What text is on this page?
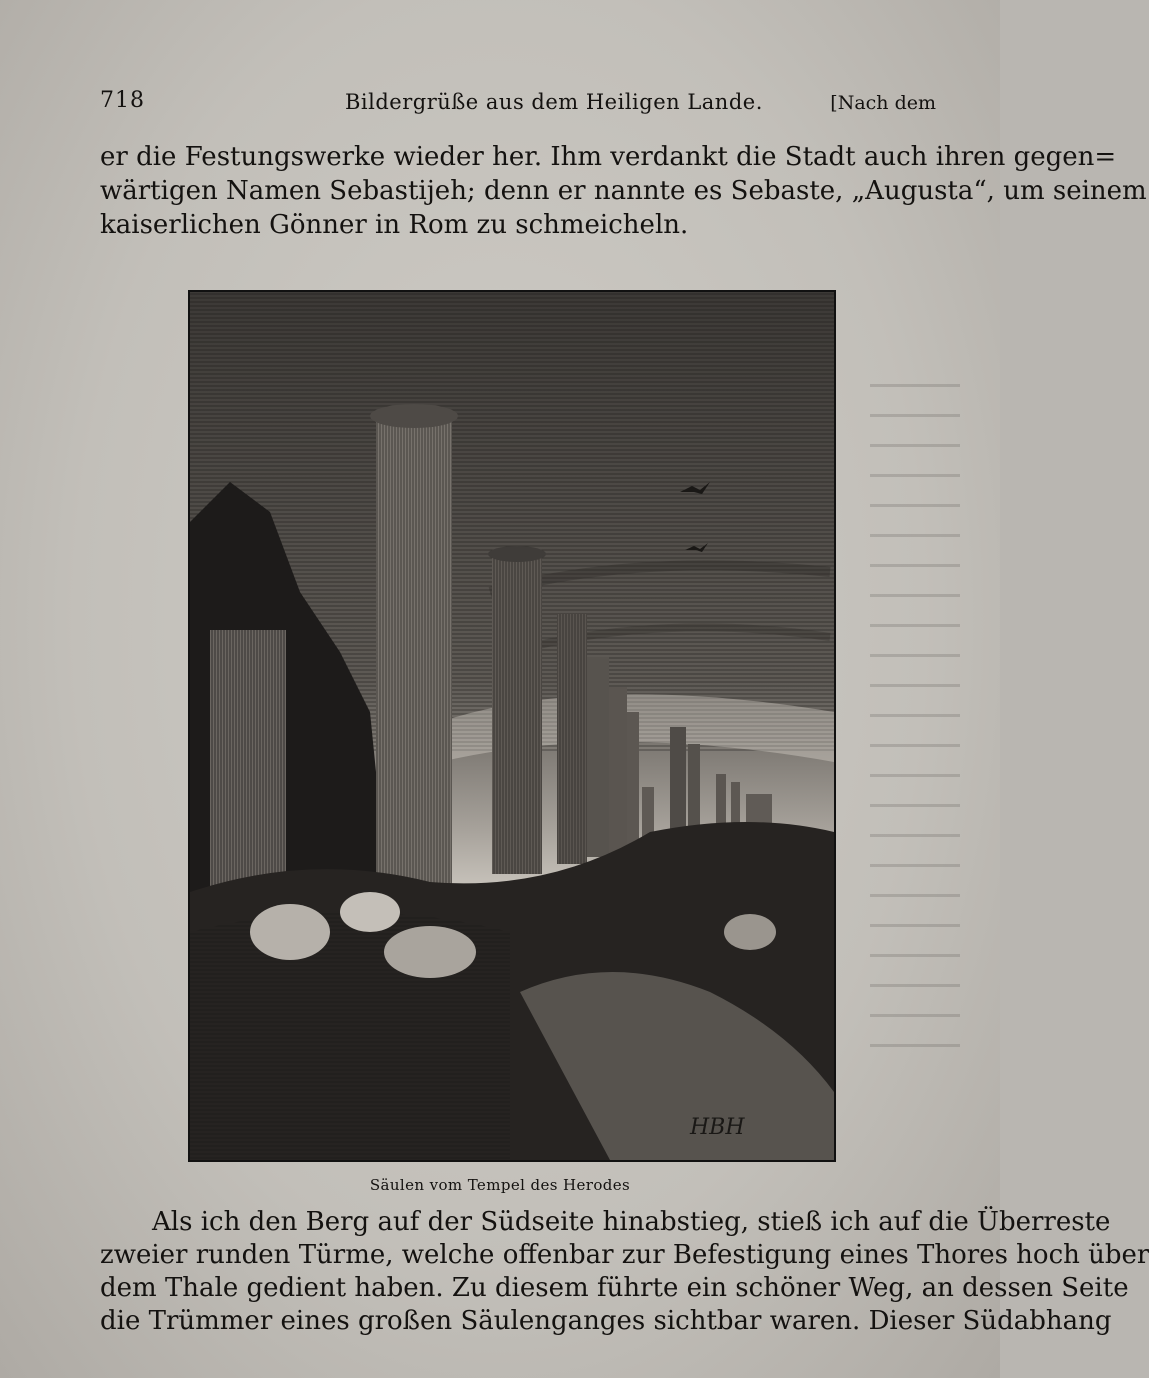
718	Bildergrüße aus dem Heiligen Lande.	[Nach dem
er die Festungswerke wieder her. Ihm verdankt die Stadt auch ihren gegen=
wärtigen Namen Sebastijeh; denn er nannte es Sebaste, „Augusta“, um seinem
kaiserlichen Gönner in Rom zu schmeicheln.
HBH
Säulen vom Tempel des Herodes
Als ich den Berg auf der Südseite hinabstieg, stieß ich auf die Überreste
zweier runden Türme, welche offenbar zur Befestigung eines Thores hoch über
dem Thale gedient haben. Zu diesem führte ein schöner Weg, an dessen Seite
die Trümmer eines großen Säulenganges sichtbar waren. Dieser Südabhang
